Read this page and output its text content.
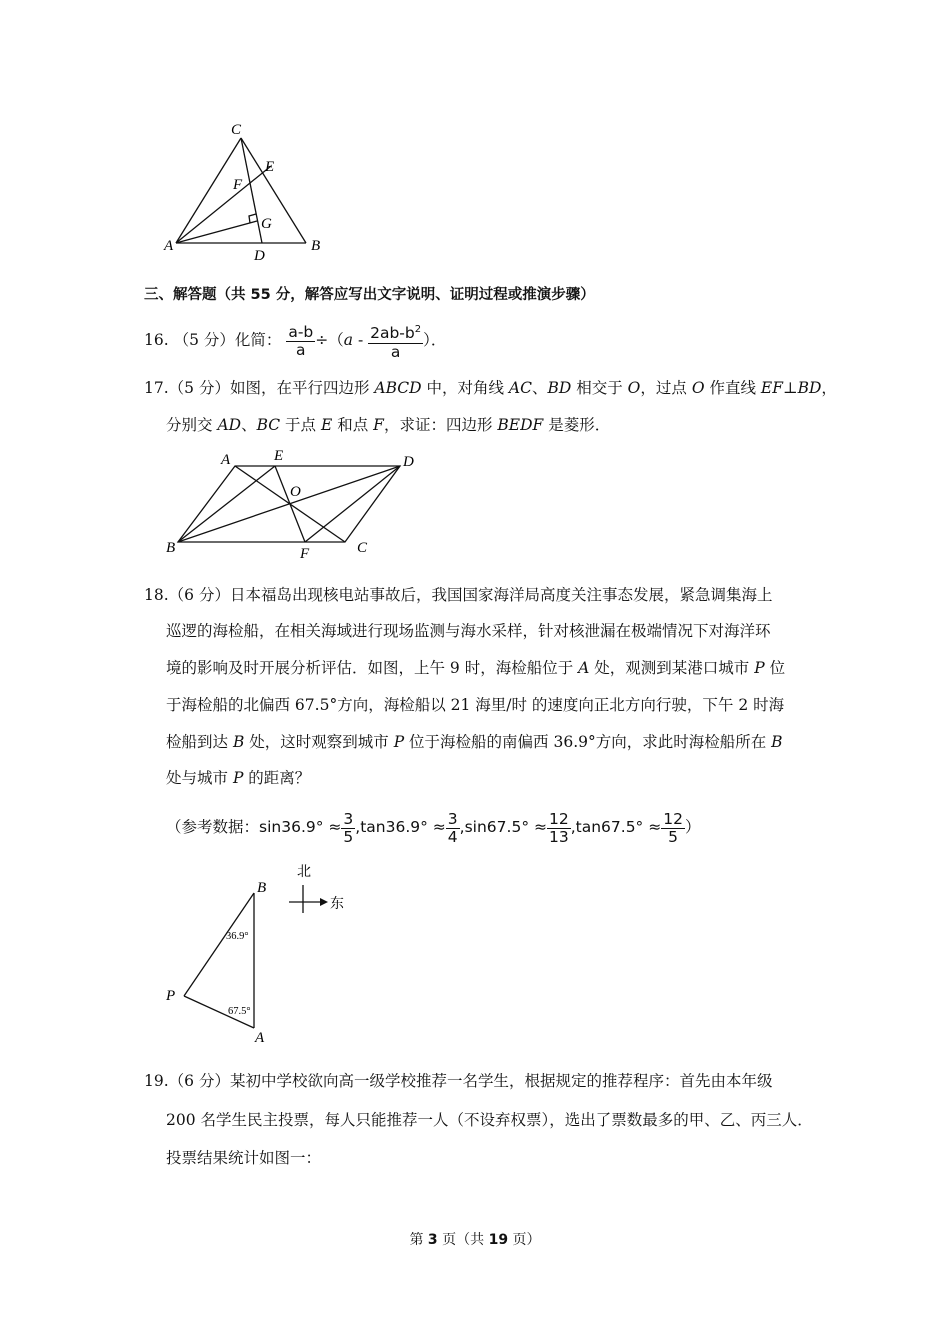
C
E
F
G
A
D
B
三、解答题（共 55 分，解答应写出文字说明、证明过程或推演步骤）
16. （5 分）化简： $\frac{a-b}{a} \div(a - \frac{2ab-b^2}{a}$ ）．
17.（5 分）如图，在平行四边形 ABCD 中，对角线 AC、BD 相交于 O，过点 O 作直线 EF⊥BD，
分别交 AD、BC 于点 E 和点 F，求证：四边形 BEDF 是菱形．
A	E	D
O
B	F	C
18.（6 分）日本福岛出现核电站事故后，我国国家海洋局高度关注事态发展，紧急调集海上
巡逻的海检船，在相关海域进行现场监测与海水采样，针对核泄漏在极端情况下对海洋环
境的影响及时开展分析评估．如图，上午 9 时，海检船位于 A 处，观测到某港口城市 P 位
于海检船的北偏西 67.5°方向，海检船以 21 海里/时 的速度向正北方向行驶，下午 2 时海
检船到达 B 处，这时观察到城市 P 位于海检船的南偏西 36.9°方向，求此时海检船所在 B
处与城市 P 的距离？
（参考数据：$\sin 36.9^\circ \approx \frac{3}{5} ,\tan 36.9^\circ \approx \frac{3}{4} ,\sin 67.5^\circ \approx \frac{12}{13} ,\tan 67.5^\circ \approx \frac{12}{5}$ ）
B
P
A
36.9°
67.5°
北
东
19.（6 分）某初中学校欲向高一级学校推荐一名学生，根据规定的推荐程序：首先由本年级
200 名学生民主投票，每人只能推荐一人（不设弃权票），选出了票数最多的甲、乙、丙三人．
投票结果统计如图一：
第 3 页（共 19 页）
